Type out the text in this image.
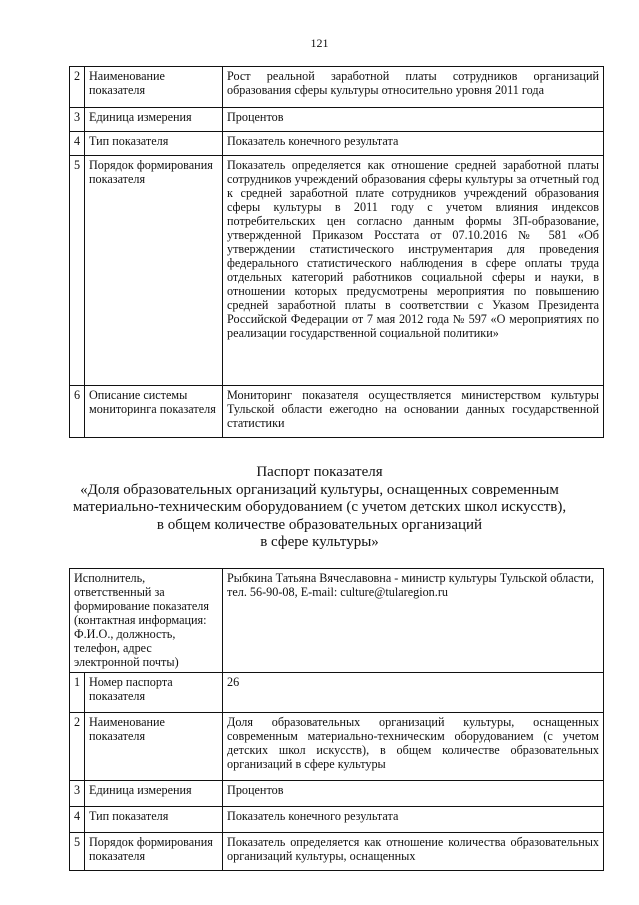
121
2	Наименование показателя	Рост реальной заработной платы сотрудников организаций образования сферы культуры относительно уровня 2011 года
3	Единица измерения	Процентов
4	Тип показателя	Показатель конечного результата
5	Порядок формирования показателя	Показатель определяется как отношение средней заработной платы сотрудников учреждений образования сферы культуры за отчетный год к средней заработной плате сотрудников учреждений образования сферы культуры в 2011 году с учетом влияния индексов потребительских цен согласно данным формы ЗП-образование, утвержденной Приказом Росстата от 07.10.2016 № 581 «Об утверждении статистического инструментария для проведения федерального статистического наблюдения в сфере оплаты труда отдельных категорий работников социальной сферы и науки, в отношении которых предусмотрены мероприятия по повышению средней заработной платы в соответствии с Указом Президента Российской Федерации от 7 мая 2012 года № 597 «О мероприятиях по реализации государственной социальной политики»
6	Описание системы мониторинга показателя	Мониторинг показателя осуществляется министерством культуры Тульской области ежегодно на основании данных государственной статистики
Паспорт показателя
«Доля образовательных организаций культуры, оснащенных современным
материально-техническим оборудованием (с учетом детских школ искусств),
в общем количестве образовательных организаций
в сфере культуры»
Исполнитель, ответственный за формирование показателя (контактная информация: Ф.И.О., должность, телефон, адрес электронной почты)		Рыбкина Татьяна Вячеславовна - министр культуры Тульской области, тел. 56-90-08, E-mail: culture@tularegion.ru
1	Номер паспорта показателя	26
2	Наименование показателя	Доля образовательных организаций культуры, оснащенных современным материально-техническим оборудованием (с учетом детских школ искусств), в общем количестве образовательных организаций в сфере культуры
3	Единица измерения	Процентов
4	Тип показателя	Показатель конечного результата
5	Порядок формирования показателя	Показатель определяется как отношение количества образовательных организаций культуры, оснащенных
